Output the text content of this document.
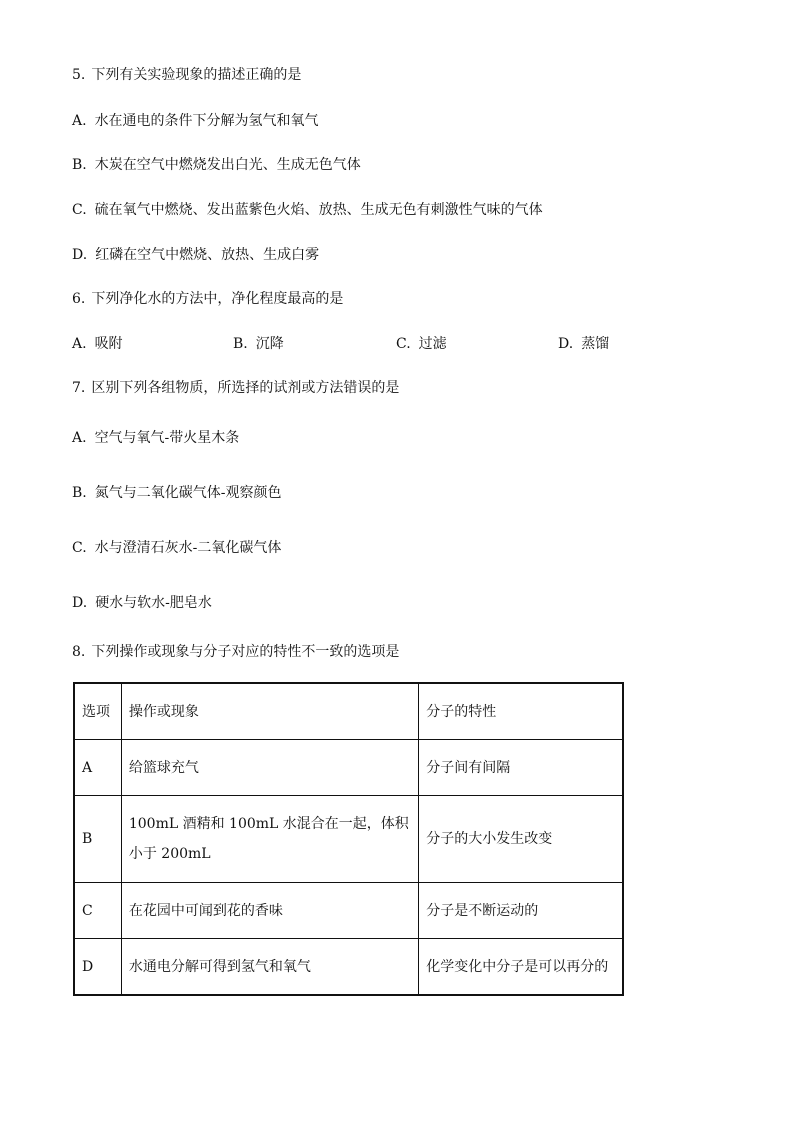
5. 下列有关实验现象的描述正确的是
A. 水在通电的条件下分解为氢气和氧气
B. 木炭在空气中燃烧发出白光、生成无色气体
C. 硫在氧气中燃烧、发出蓝紫色火焰、放热、生成无色有刺激性气味的气体
D. 红磷在空气中燃烧、放热、生成白雾
6. 下列净化水的方法中，净化程度最高的是
A. 吸附	B. 沉降	C. 过滤	D. 蒸馏
7. 区别下列各组物质，所选择的试剂或方法错误的是
A. 空气与氧气-带火星木条
B. 氮气与二氧化碳气体-观察颜色
C. 水与澄清石灰水-二氧化碳气体
D. 硬水与软水-肥皂水
8. 下列操作或现象与分子对应的特性不一致的选项是
选项	操作或现象	分子的特性
A	给篮球充气	分子间有间隔
B	100mL 酒精和 100mL 水混合在一起，体积小于 200mL	分子的大小发生改变
C	在花园中可闻到花的香味	分子是不断运动的
D	水通电分解可得到氢气和氧气	化学变化中分子是可以再分的
